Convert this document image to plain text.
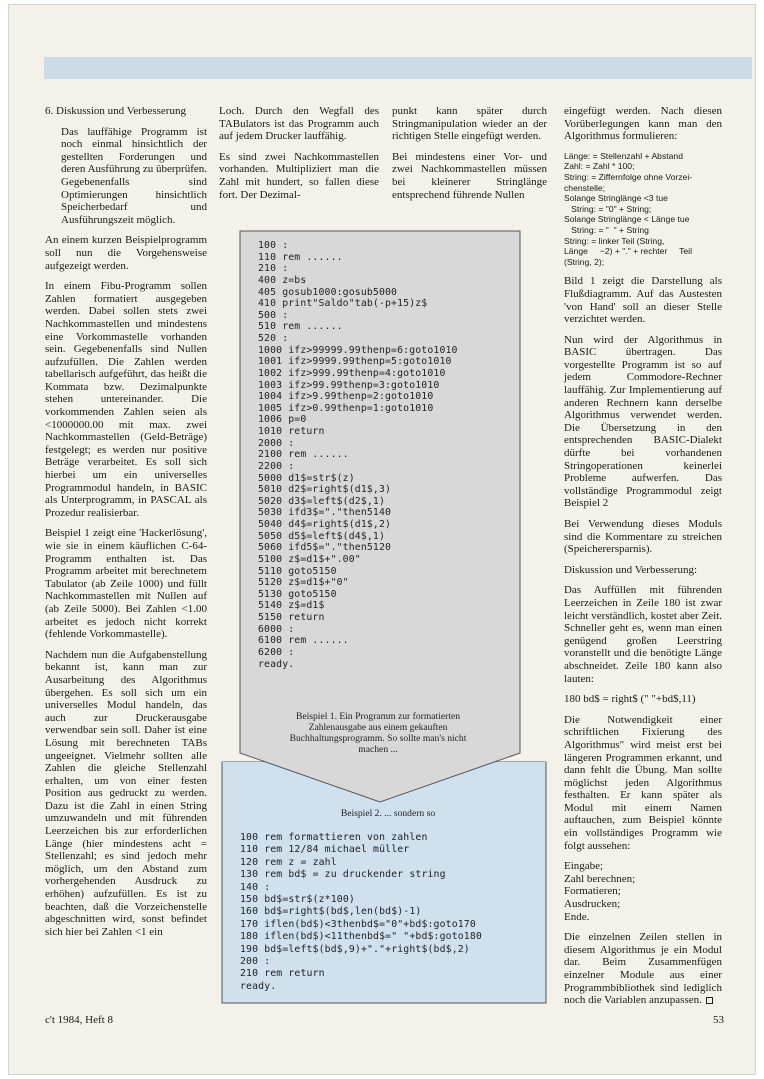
6. Diskussion und Verbesserung

Das lauffähige Programm ist noch einmal hinsichtlich der gestellten Forderungen und deren Ausführung zu überprüfen. Gegebenenfalls sind Optimierungen hinsichtlich Speicherbedarf und Ausführungszeit möglich.

An einem kurzen Beispielprogramm soll nun die Vorgehensweise aufgezeigt werden.

In einem Fibu-Programm sollen Zahlen formatiert ausgegeben werden. Dabei sollen stets zwei Nachkommastellen und mindestens eine Vorkommastelle vorhanden sein. Gegebenenfalls sind Nullen aufzufüllen. Die Zahlen werden tabellarisch aufgeführt, das heißt die Kommata bzw. Dezimalpunkte stehen untereinander. Die vorkommenden Zahlen seien als <1000000.00 mit max. zwei Nachkommastellen (Geld-Beträge) festgelegt; es werden nur positive Beträge verarbeitet. Es soll sich hierbei um ein universelles Programmodul handeln, in BASIC als Unterprogramm, in PASCAL als Prozedur realisierbar.

Beispiel 1 zeigt eine 'Hackerlösung', wie sie in einem käuflichen C-64-Programm enthalten ist. Das Programm arbeitet mit berechnetem Tabulator (ab Zeile 1000) und füllt Nachkommastellen mit Nullen auf (ab Zeile 5000). Bei Zahlen <1.00 arbeitet es jedoch nicht korrekt (fehlende Vorkommastelle).

Nachdem nun die Aufgabenstellung bekannt ist, kann man zur Ausarbeitung des Algorithmus übergehen. Es soll sich um ein universelles Modul handeln, das auch zur Druckerausgabe verwendbar sein soll. Daher ist eine Lösung mit berechneten TABs ungeeignet. Vielmehr sollten alle Zahlen die gleiche Stellenzahl erhalten, um von einer festen Position aus gedruckt zu werden. Dazu ist die Zahl in einen String umzuwandeln und mit führenden Leerzeichen bis zur erforderlichen Länge (hier mindestens acht = Stellenzahl; es sind jedoch mehr möglich, um den Abstand zum vorhergehenden Ausdruck zu erhöhen) aufzufüllen. Es ist zu beachten, daß die Vorzeichenstelle abgeschnitten wird, sonst befindet sich hier bei Zahlen <1 ein

Loch. Durch den Wegfall des TABulators ist das Programm auch auf jedem Drucker lauffähig.

Es sind zwei Nachkommastellen vorhanden. Multipliziert man die Zahl mit hundert, so fallen diese fort. Der Dezimal-

punkt kann später durch Stringmanipulation wieder an der richtigen Stelle eingefügt werden.

Bei mindestens einer Vor- und zwei Nachkommastellen müssen bei kleinerer Stringlänge entsprechend führende Nullen

eingefügt werden. Nach diesen Vorüberlegungen kann man den Algorithmus formulieren:

Länge: = Stellenzahl + Abstand
Zahl: = Zahl * 100;
String: = Ziffernfolge ohne Vorzei-
chenstelle;
Solange Stringlänge <3 tue
String: = "0" + String;
Solange Stringlänge < Länge tue
String: = "  " + String
String: = linker Teil (String,
Länge     −2) + "." + rechter     Teil
(String, 2);

Bild 1 zeigt die Darstellung als Flußdiagramm. Auf das Austesten 'von Hand' soll an dieser Stelle verzichtet werden.

Nun wird der Algorithmus in BASIC übertragen. Das vorgestellte Programm ist so auf jedem Commodore-Rechner lauffähig. Zur Implementierung auf anderen Rechnern kann derselbe Algorithmus verwendet werden. Die Übersetzung in den entsprechenden BASIC-Dialekt dürfte bei vorhandenen Stringoperationen keinerlei Probleme aufwerfen. Das vollständige Programmodul zeigt Beispiel 2

Bei Verwendung dieses Moduls sind die Kommentare zu streichen (Speicherersparnis).

Diskussion und Verbesserung:

Das Auffüllen mit führenden Leerzeichen in Zeile 180 ist zwar leicht verständlich, kostet aber Zeit. Schneller geht es, wenn man einen genügend großen Leerstring voranstellt und die benötigte Länge abschneidet. Zeile 180 kann also lauten:

180 bd$ = right$ (" "+bd$,11)

Die Notwendigkeit einer schriftlichen Fixierung des Algorithmus" wird meist erst bei längeren Programmen erkannt, und dann fehlt die Übung. Man sollte möglichst jeden Algorithmus festhalten. Er kann später als Modul mit einem Namen auftauchen, zum Beispiel könnte ein vollständiges Programm wie folgt aussehen:

Eingabe;
Zahl berechnen;
Formatieren;
Ausdrucken;
Ende.

Die einzelnen Zeilen stellen in diesem Algorithmus je ein Modul dar. Beim Zusammenfügen einzelner Module aus einer Programmbibliothek sind lediglich noch die Variablen anzupassen.

100 :
110 rem ......
210 :
400 z=bs
405 gosub1000:gosub5000
410 print"Saldo"tab(-p+15)z$
500 :
510 rem ......
520 :
1000 ifz>99999.99thenp=6:goto1010
1001 ifz>9999.99thenp=5:goto1010
1002 ifz>999.99thenp=4:goto1010
1003 ifz>99.99thenp=3:goto1010
1004 ifz>9.99thenp=2:goto1010
1005 ifz>0.99thenp=1:goto1010
1006 p=0
1010 return
2000 :
2100 rem ......
2200 :
5000 d1$=str$(z)
5010 d2$=right$(d1$,3)
5020 d3$=left$(d2$,1)
5030 ifd3$="."then5140
5040 d4$=right$(d1$,2)
5050 d5$=left$(d4$,1)
5060 ifd5$="."then5120
5100 z$=d1$+".00"
5110 goto5150
5120 z$=d1$+"0"
5130 goto5150
5140 z$=d1$
5150 return
6000 :
6100 rem ......
6200 :
ready.
Beispiel 1. Ein Programm zur formatierten Zahlenausgabe aus einem gekauften Buchhaltungsprogramm. So sollte man's nicht machen ...
Beispiel 2. ... sondern so
100 rem formattieren von zahlen
110 rem 12/84 michael müller
120 rem z = zahl
130 rem bd$ = zu druckender string
140 :
150 bd$=str$(z*100)
160 bd$=right$(bd$,len(bd$)-1)
170 iflen(bd$)<3thenbd$="0"+bd$:goto170
180 iflen(bd$)<11thenbd$=" "+bd$:goto180
190 bd$=left$(bd$,9)+"."+right$(bd$,2)
200 :
210 rem return
ready.
c't 1984, Heft 8	53
